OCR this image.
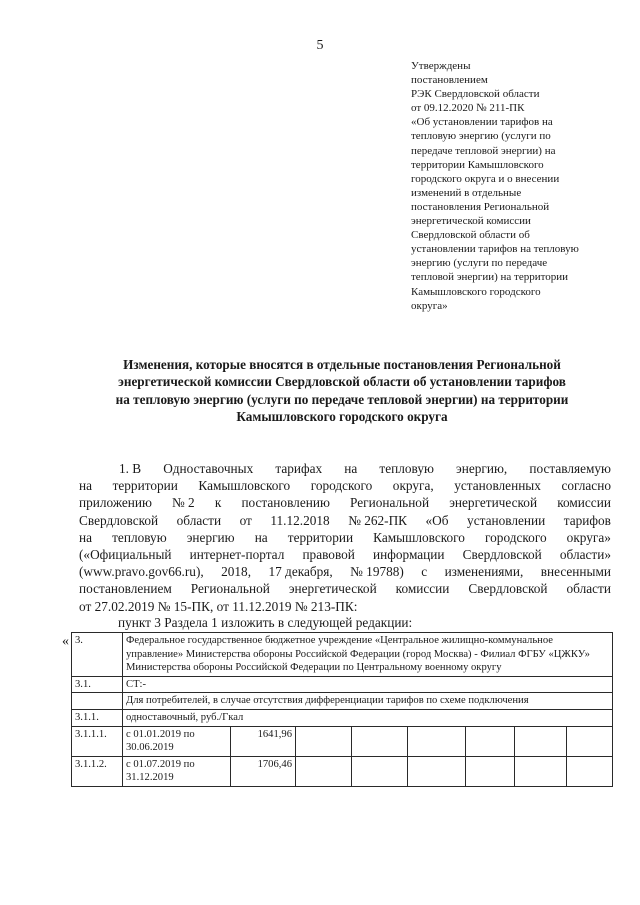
5
Утверждены
постановлением
РЭК Свердловской области
от 09.12.2020 № 211-ПК
«Об установлении тарифов на
тепловую энергию (услуги по
передаче тепловой энергии) на
территории Камышловского
городского округа и о внесении
изменений в отдельные
постановления Региональной
энергетической комиссии
Свердловской области об
установлении тарифов на тепловую
энергию (услуги по передаче
тепловой энергии) на территории
Камышловского городского
округа»
Изменения, которые вносятся в отдельные постановления Региональной
энергетической комиссии Свердловской области об установлении тарифов
на тепловую энергию (услуги по передаче тепловой энергии) на территории
Камышловского городского округа
1. В Одноставочных тарифах на тепловую энергию, поставляемую
на территории Камышловского городского округа, установленных согласно
приложению № 2 к постановлению Региональной энергетической комиссии
Свердловской области от 11.12.2018 № 262-ПК «Об установлении тарифов
на тепловую энергию на территории Камышловского городского округа»
(«Официальный интернет-портал правовой информации Свердловской области»
(www.pravo.gov66.ru), 2018, 17 декабря, № 19788) с изменениями, внесенными
постановлением Региональной энергетической комиссии Свердловской области
от 27.02.2019 № 15-ПК, от 11.12.2019 № 213-ПК:
пункт 3 Раздела 1 изложить в следующей редакции:
« 3.	Федеральное государственное бюджетное учреждение «Центральное жилищно-коммунальное управление» Министерства обороны Российской Федерации (город Москва) - Филиал ФГБУ «ЦЖКУ» Министерства обороны Российской Федерации по Центральному военному округу							
3.1.	СТ:-							
	Для потребителей, в случае отсутствия дифференциации тарифов по схеме подключения							
3.1.1.	одноставочный, руб./Гкал							
3.1.1.1.	с 01.01.2019 по 30.06.2019	1641,96						
3.1.1.2.	с 01.07.2019 по 31.12.2019	1706,46						
